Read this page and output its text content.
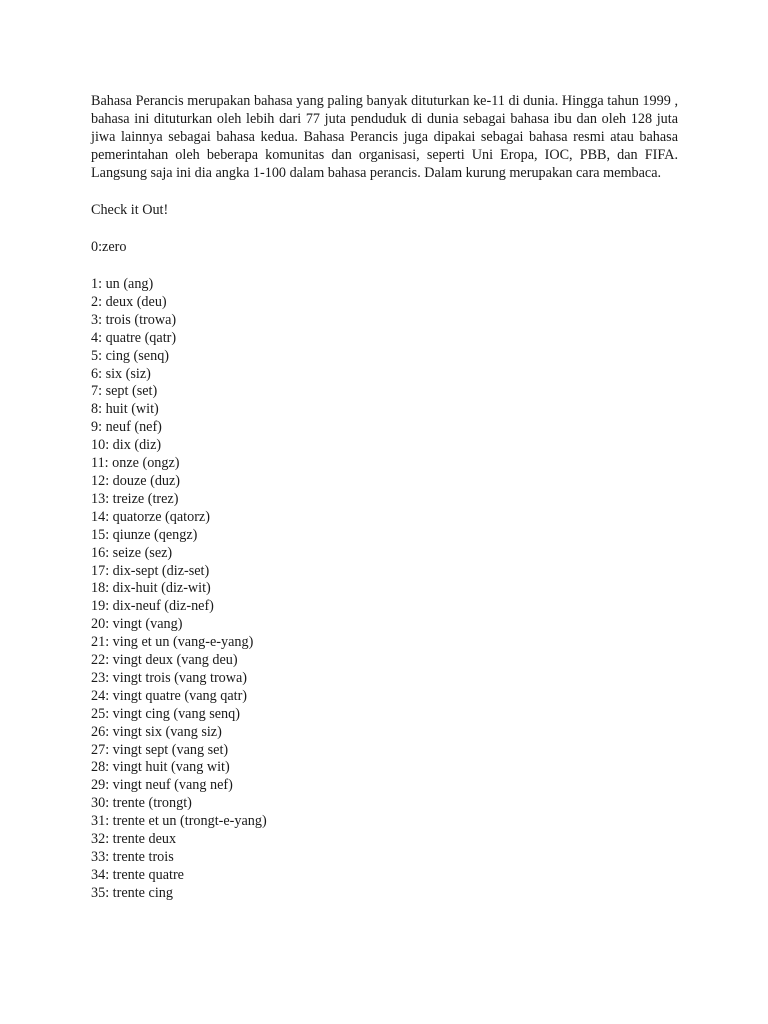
Bahasa Perancis merupakan bahasa yang paling banyak dituturkan ke-11 di dunia. Hingga tahun 1999 , bahasa ini dituturkan oleh lebih dari 77 juta penduduk di dunia sebagai bahasa ibu dan oleh 128 juta jiwa lainnya sebagai bahasa kedua. Bahasa Perancis juga dipakai sebagai bahasa resmi atau bahasa pemerintahan oleh beberapa komunitas dan organisasi, seperti Uni Eropa, IOC, PBB, dan FIFA. Langsung saja ini dia angka 1-100 dalam bahasa perancis. Dalam kurung merupakan cara membaca.

Check it Out!

0:zero

1: un (ang)
2: deux (deu)
3: trois (trowa)
4: quatre (qatr)
5: cing (senq)
6: six (siz)
7: sept (set)
8: huit (wit)
9: neuf (nef)
10: dix (diz)
11: onze (ongz)
12: douze (duz)
13: treize (trez)
14: quatorze (qatorz)
15: qiunze (qengz)
16: seize (sez)
17: dix-sept (diz-set)
18: dix-huit (diz-wit)
19: dix-neuf (diz-nef)
20: vingt (vang)
21: ving et un (vang-e-yang)
22: vingt deux (vang deu)
23: vingt trois (vang trowa)
24: vingt quatre (vang qatr)
25: vingt cing (vang senq)
26: vingt six (vang siz)
27: vingt sept (vang set)
28: vingt huit (vang wit)
29: vingt neuf (vang nef)
30: trente (trongt)
31: trente et un (trongt-e-yang)
32: trente deux
33: trente trois
34: trente quatre
35: trente cing
